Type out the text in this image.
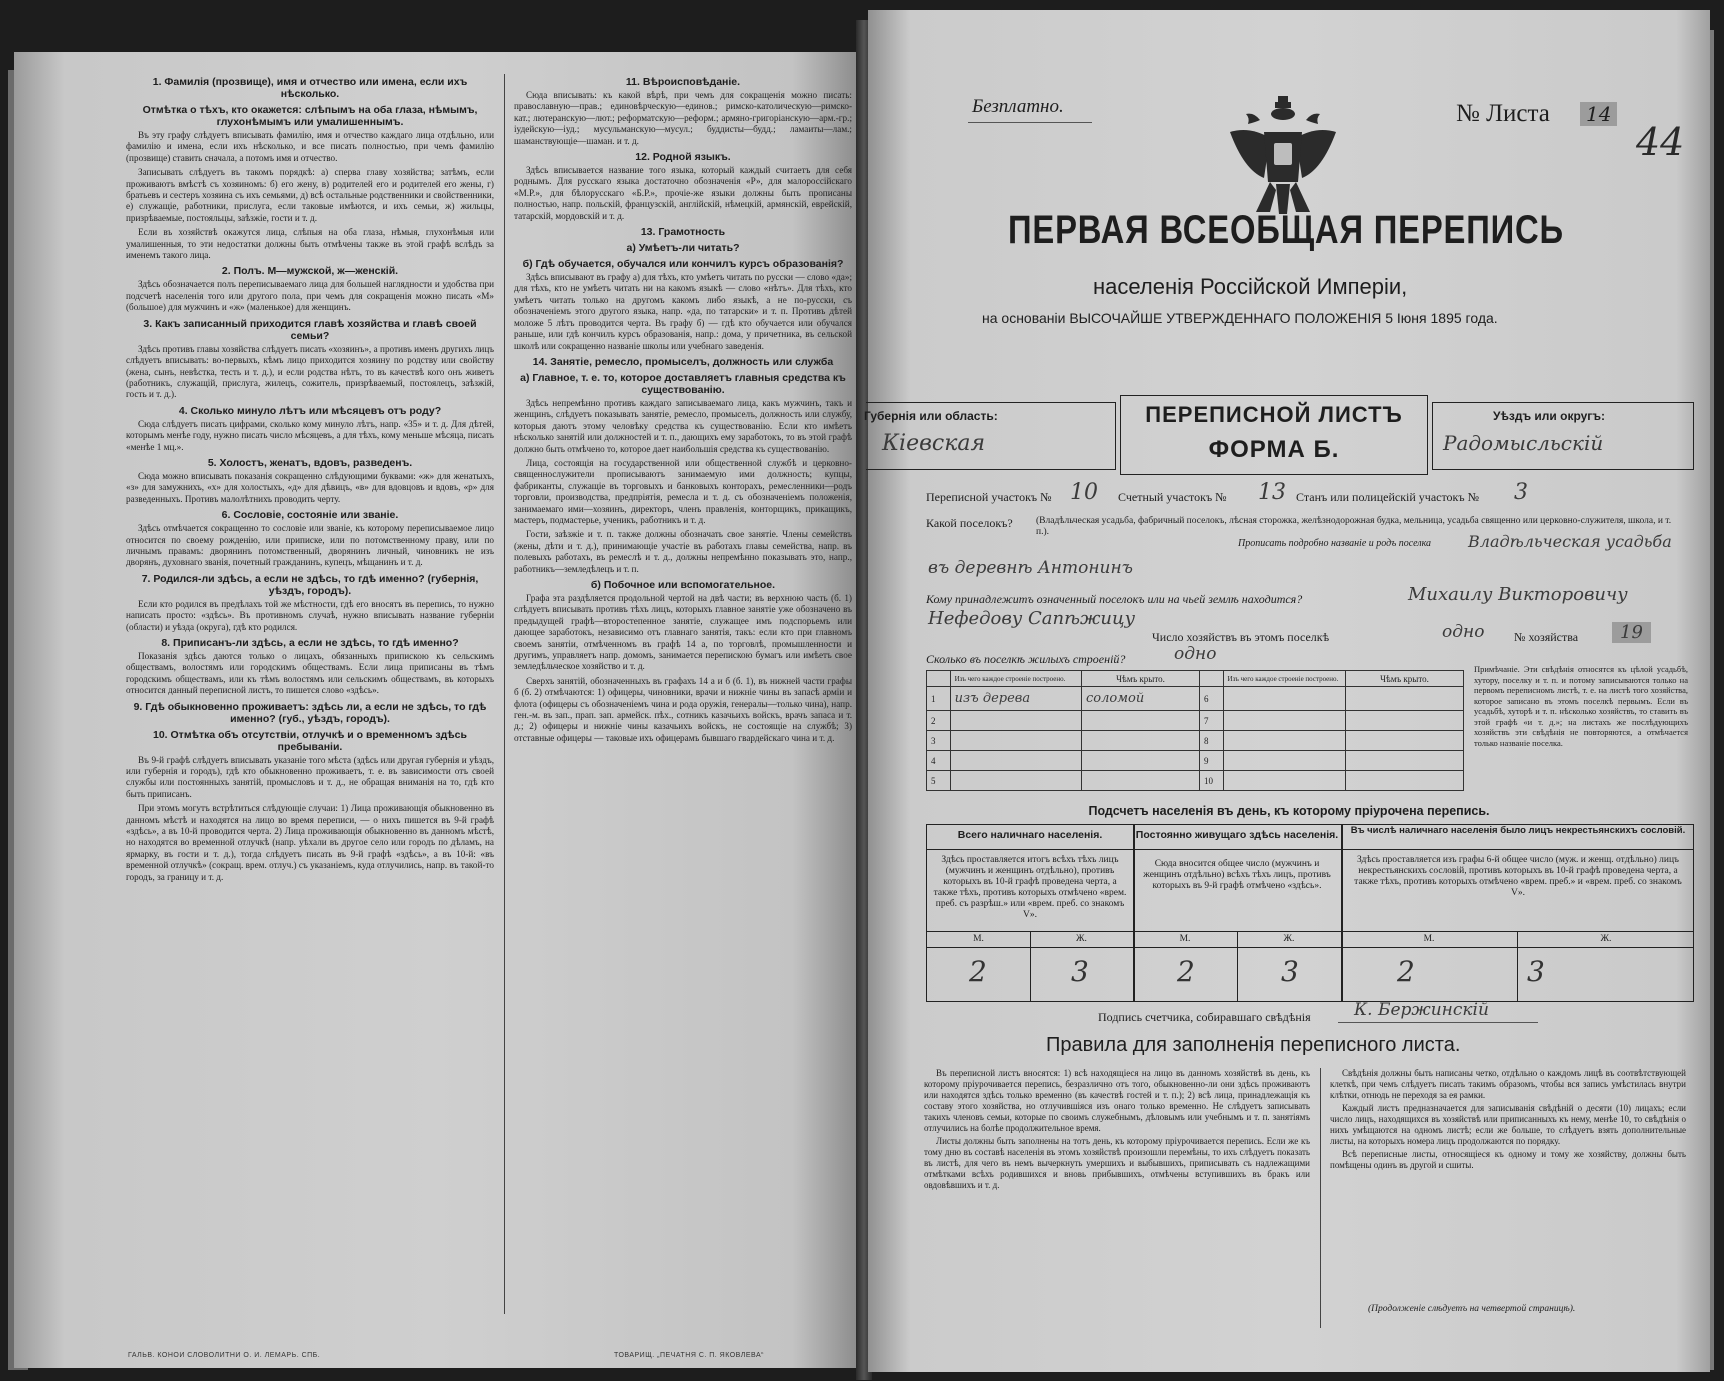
1. Фамилія (прозвище), имя и отчество или имена, если ихъ нѣсколько.
Отмѣтка о тѣхъ, кто окажется: слѣпымъ на оба глаза, нѣмымъ, глухонѣмымъ или умалишеннымъ.

Въ эту графу слѣдуетъ вписывать фамилію, имя и отчество каждаго лица отдѣльно, или фамилію и имена, если ихъ нѣсколько, и все писать полностью, при чемъ фамилію (прозвище) ставить сначала, а потомъ имя и отчество.

Записывать слѣдуетъ въ такомъ порядкѣ: а) сперва главу хозяйства; затѣмъ, если проживаютъ вмѣстѣ съ хозяиномъ: б) его жену, в) родителей его и родителей его жены, г) братьевъ и сестеръ хозяина съ ихъ семьями, д) всѣ остальные родственники и свойственники, е) служащіе, работники, прислуга, если таковые имѣются, и ихъ семьи, ж) жильцы, призрѣваемые, постояльцы, заѣзжіе, гости и т. д.

Если въ хозяйствѣ окажутся лица, слѣпыя на оба глаза, нѣмыя, глухонѣмыя или умалишенныя, то эти недостатки должны быть отмѣчены также въ этой графѣ вслѣдъ за именемъ такого лица.

2. Полъ. М—мужской, ж—женскій.

Здѣсь обозначается полъ переписываемаго лица для большей наглядности и удобства при подсчетѣ населенія того или другого пола, при чемъ для сокращенія можно писать «М» (большое) для мужчинъ и «ж» (маленькое) для женщинъ.

3. Какъ записанный приходится главѣ хозяйства и главѣ своей семьи?

Здѣсь противъ главы хозяйства слѣдуетъ писать «хозяинъ», а противъ именъ другихъ лицъ слѣдуетъ вписывать: во-первыхъ, кѣмъ лицо приходится хозяину по родству или свойству (жена, сынъ, невѣстка, тесть и т. д.), и если родства нѣтъ, то въ качествѣ кого онъ живетъ (работникъ, служащій, прислуга, жилецъ, сожитель, призрѣваемый, постоялецъ, заѣзжій, гость и т. д.).

4. Сколько минуло лѣтъ или мѣсяцевъ отъ роду?

Сюда слѣдуетъ писать цифрами, сколько кому минуло лѣтъ, напр. «35» и т. д. Для дѣтей, которымъ менѣе году, нужно писать число мѣсяцевъ, а для тѣхъ, кому меньше мѣсяца, писать «менѣе 1 мц.».

5. Холостъ, женатъ, вдовъ, разведенъ.

Сюда можно вписывать показанія сокращенно слѣдующими буквами: «ж» для женатыхъ, «з» для замужнихъ, «х» для холостыхъ, «д» для дѣвицъ, «в» для вдовцовъ и вдовъ, «р» для разведенныхъ. Противъ малолѣтнихъ проводить черту.

6. Сословіе, состояніе или званіе.

Здѣсь отмѣчается сокращенно то сословіе или званіе, къ которому переписываемое лицо относится по своему рожденію, или приписке, или по потомственному праву, или по личнымъ правамъ: дворянинъ потомственный, дворянинъ личный, чиновникъ не изъ дворянъ, духовнаго званія, почетный гражданинъ, купецъ, мѣщанинъ и т. д.

7. Родился-ли здѣсь, а если не здѣсь, то гдѣ именно? (губернія, уѣздъ, городъ).

Если кто родился въ предѣлахъ той же мѣстности, гдѣ его вносятъ въ перепись, то нужно написать просто: «здѣсь». Въ противномъ случаѣ, нужно вписывать название губерніи (области) и уѣзда (округа), гдѣ кто родился.

8. Приписанъ-ли здѣсь, а если не здѣсь, то гдѣ именно?

Показанія здѣсь даются только о лицахъ, обязанныхъ припискою къ сельскимъ обществамъ, волостямъ или городскимъ обществамъ. Если лица приписаны въ тѣмъ городскимъ обществамъ, или къ тѣмъ волостямъ или сельскимъ обществамъ, въ которыхъ относится данный переписной листъ, то пишется слово «здѣсь».

9. Гдѣ обыкновенно проживаетъ: здѣсь ли, а если не здѣсь, то гдѣ именно? (губ., уѣздъ, городъ).
10. Отмѣтка объ отсутствіи, отлучкѣ и о временномъ здѣсь пребываніи.

Въ 9-й графѣ слѣдуетъ вписывать указаніе того мѣста (здѣсь или другая губернія и уѣздъ, или губернія и городъ), гдѣ кто обыкновенно проживаетъ, т. е. въ зависимости отъ своей службы или постоянныхъ занятій, промысловъ и т. д., не обращая вниманія на то, гдѣ кто быть приписанъ.

При этомъ могутъ встрѣтиться слѣдующіе случаи: 1) Лица проживающія обыкновенно въ данномъ мѣстѣ и находятся на лицо во время переписи, — о нихъ пишется въ 9-й графѣ «здѣсь», а въ 10-й проводится черта. 2) Лица проживающія обыкновенно въ данномъ мѣстѣ, но находятся во временной отлучкѣ (напр. уѣхали въ другое село или городъ по дѣламъ, на ярмарку, въ гости и т. д.), тогда слѣдуетъ писать въ 9-й графѣ «здѣсь», а въ 10-й: «въ временной отлучкѣ» (сокращ. врем. отлуч.) съ указаніемъ, куда отлучились, напр. въ такой-то городъ, за границу и т. д.

11. Вѣроисповѣданіе.

Сюда вписывать: къ какой вѣрѣ, при чемъ для сокращенія можно писать: православную—прав.; единовѣрческую—единов.; римско-католическую—римско-кат.; лютеранскую—лют.; реформатскую—реформ.; армяно-григоріанскую—арм.-гр.; іудейскую—іуд.; мусульманскую—мусул.; буддисты—будд.; ламаиты—лам.; шаманствующіе—шаман. и т. д.

12. Родной языкъ.

Здѣсь вписывается название того языка, который каждый считаетъ для себя роднымъ. Для русскаго языка достаточно обозначенія «Р», для малороссійскаго «М.Р.», для бѣлорусскаго «Б.Р.», прочіе-же языки должны быть прописаны полностью, напр. польскій, французскій, англійскій, нѣмецкій, армянскій, еврейскій, татарскій, мордовскій и т. д.

13. Грамотность
а) Умѣетъ-ли читать?
б) Гдѣ обучается, обучался или кончилъ курсъ образованія?

Здѣсь вписывают въ графу а) для тѣхъ, кто умѣетъ читать по русски — слово «да»; для тѣхъ, кто не умѣетъ читать ни на какомъ языкѣ — слово «нѣтъ». Для тѣхъ, кто умѣетъ читать только на другомъ какомъ либо языкѣ, а не по-русски, съ обозначеніемъ этого другого языка, напр. «да, по татарски» и т. п. Противъ дѣтей моложе 5 лѣтъ проводится черта. Въ графу б) — гдѣ кто обучается или обучался раньше, или гдѣ кончилъ курсъ образованія, напр.: дома, у причетника, въ сельской школѣ или сокращенно названіе школы или учебнаго заведенія.

14. Занятіе, ремесло, промыселъ, должность или служба
а) Главное, т. е. то, которое доставляетъ главныя средства къ существованію.

Здѣсь непремѣнно противъ каждаго записываемаго лица, какъ мужчинъ, такъ и женщинъ, слѣдуетъ показывать занятіе, ремесло, промыселъ, должность или службу, которыя даютъ этому человѣку средства къ существованію. Если кто имѣетъ нѣсколько занятій или должностей и т. п., дающихъ ему заработокъ, то въ этой графѣ должно быть отмѣчено то, которое дает наибольшія средства къ существованію.

Лица, состоящія на государственной или общественной службѣ и церковно-священнослужители прописываютъ занимаемую ими должность; купцы, фабриканты, служащіе въ торговыхъ и банковыхъ конторахъ, ремесленники—родъ торговли, производства, предпріятія, ремесла и т. д. съ обозначеніемъ положенія, занимаемаго ими—хозяинъ, директоръ, членъ правленія, конторщикъ, прикащикъ, мастеръ, подмастерье, ученикъ, работникъ и т. д.

Гости, заѣзжіе и т. п. также должны обозначать свое занятіе. Члены семействъ (жены, дѣти и т. д.), принимающіе участіе въ работахъ главы семейства, напр. въ полевыхъ работахъ, въ ремеслѣ и т. д., должны непремѣнно показывать это, напр., работникъ—земледѣлецъ и т. п.

б) Побочное или вспомогательное.

Графа эта раздѣляется продольной чертой на двѣ части; въ верхнюю часть (б. 1) слѣдуетъ вписывать противъ тѣхъ лицъ, которыхъ главное занятіе уже обозначено въ предыдущей графѣ—второстепенное занятіе, служащее имъ подспорьемъ или дающее заработокъ, независимо отъ главнаго занятія, такъ: если кто при главномъ своемъ занятіи, отмѣченномъ въ графѣ 14 а, по торговлѣ, промышленности и другимъ, управляетъ напр. домомъ, занимается перепискою бумагъ или имѣетъ свое земледѣльческое хозяйство и т. д.

Сверхъ занятій, обозначенныхъ въ графахъ 14 а и б (б. 1), въ нижней части графы б (б. 2) отмѣчаются: 1) офицеры, чиновники, врачи и нижніе чины въ запасѣ арміи и флота (офицеры съ обозначеніемъ чина и рода оружія, генералы—только чина), напр. ген.-м. въ зап., прап. зап. армейск. пѣх., сотникъ казачьихъ войскъ, врачъ запаса и т. д.; 2) офицеры и нижніе чины казачьихъ войскъ, не состоящіе на службѣ; 3) отставные офицеры — таковые ихъ офицерамъ бывшаго гвардейскаго чина и т. д.

ГАЛЬВ. КОНОИ СЛОВОЛИТНИ О. И. ЛЕМАРЬ. СПБ.	ТОВАРИЩ. „ПЕЧАТНЯ С. П. ЯКОВЛЕВА“
Безплатно.	№ Листа	14
44
ПЕРВАЯ ВСЕОБЩАЯ ПЕРЕПИСЬ
населенія Россійской Имперіи,
на основаніи ВЫСОЧАЙШЕ УТВЕРЖДЕННАГО ПОЛОЖЕНІЯ 5 Іюня 1895 года.
Губернія или область:
Кіевская
ПЕРЕПИСНОЙ ЛИСТЪ
ФОРМА Б.
Уѣздъ или округъ:
Радомысльскій
Переписной участокъ № 10 Счетный участокъ № 13 Станъ или полицейскій участокъ № 3
Какой поселокъ? (Владѣльческая усадьба, фабричный поселокъ, лѣсная сторожка, желѣзнодорожная будка, мельница, усадьба священно или церковно-служителя, школа, и т. п.).
Прописать подробно названіе и родъ поселка Владѣльческая усадьба
въ деревнѣ Антонинъ
Кому принадлежитъ означенный поселокъ или на чьей землѣ находится?	Михаилу Викторовичу
Нефедову Сапѣжицу
Число хозяйствъ въ этомъ поселкѣ	одно № хозяйства	19
Сколько въ поселкѣ жилыхъ строеній?	одно
	Изъ чего каждое строеніе построено.	Чѣмъ крыто.		Изъ чего каждое строеніе построено.	Чѣмъ крыто.
1	изъ дерева	соломой	6		
2			7		
3			8		
4			9		
5			10		
Примѣчаніе. Эти свѣдѣнія относятся къ цѣлой усадьбѣ, хутору, поселку и т. п. и потому записываются только на первомъ переписномъ листѣ, т. е. на листѣ того хозяйства, которое записано въ этомъ поселкѣ первымъ. Если въ усадьбѣ, хуторѣ и т. п. нѣсколько хозяйствъ, то ставить въ этой графѣ «и т. д.»; на листахъ же послѣдующихъ хозяйствъ эти свѣдѣнія не повторяются, а отмѣчается только названіе поселка.
Подсчетъ населенія въ день, къ которому пріурочена перепись.
Всего наличнаго населенія.	Постоянно живущаго здѣсь населенія.	Въ числѣ наличнаго населенія было лицъ некрестьянскихъ сословій.
Здѣсь проставляется итогъ всѣхъ тѣхъ лицъ (мужчинъ и женщинъ отдѣльно), противъ которыхъ въ 10-й графѣ проведена черта, а также тѣхъ, противъ которыхъ отмѣчено «врем. преб. съ разрѣш.» или «врем. преб. со знакомъ V».
Сюда вносится общее число (мужчинъ и женщинъ отдѣльно) всѣхъ тѣхъ лицъ, противъ которыхъ въ 9-й графѣ отмѣчено «здѣсь».
Здѣсь проставляется изъ графы 6-й общее число (муж. и женщ. отдѣльно) лицъ некрестьянскихъ сословій, противъ которыхъ въ 10-й графѣ проведена черта, а также тѣхъ, противъ которыхъ отмѣчено «врем. преб.» и «врем. преб. со знакомъ V».
М.	Ж.	М.	Ж.	М.	Ж.
2	3	2	3	2	3
Подпись счетчика, собиравшаго свѣдѣнія	К. Бержинскій
Правила для заполненія переписного листа.

Въ переписной листъ вносятся: 1) всѣ находящіеся на лицо въ данномъ хозяйствѣ въ день, къ которому пріурочивается перепись, безразлично отъ того, обыкновенно-ли они здѣсь проживаютъ или находятся здѣсь только временно (въ качествѣ гостей и т. п.); 2) всѣ лица, принадлежащія къ составу этого хозяйства, но отлучившіяся изъ онаго только временно. Не слѣдуетъ записывать такихъ членовъ семьи, которые по своимъ служебнымъ, дѣловымъ или учебнымъ и т. п. занятіямъ отлучились на болѣе продолжительное время.

Листы должны быть заполнены на тотъ день, къ которому пріурочивается перепись. Если же къ тому дню въ составѣ населенія въ этомъ хозяйствѣ произошли перемѣны, то ихъ слѣдуетъ показать въ листѣ, для чего въ немъ вычеркнуть умершихъ и выбывшихъ, приписывать съ надлежащими отмѣтками всѣхъ родившихся и вновь прибывшихъ, отмѣчены вступившихъ въ бракъ или овдовѣвшихъ и т. д.

Свѣдѣнія должны быть написаны четко, отдѣльно о каждомъ лицѣ въ соотвѣтствующей клеткѣ, при чемъ слѣдуетъ писать такимъ образомъ, чтобы вся запись умѣстилась внутри клѣтки, отнюдь не переходя за ея рамки.

Каждый листъ предназначается для записыванія свѣдѣній о десяти (10) лицахъ; если число лицъ, находящихся въ хозяйствѣ или приписанныхъ къ нему, менѣе 10, то свѣдѣнія о нихъ умѣщаются на одномъ листѣ; если же больше, то слѣдуетъ взять дополнительные листы, на которыхъ номера лицъ продолжаются по порядку.

Всѣ переписные листы, относящіеся къ одному и тому же хозяйству, должны быть помѣщены одинъ въ другой и сшиты.

(Продолженіе слѣдуетъ на четвертой страницѣ).
